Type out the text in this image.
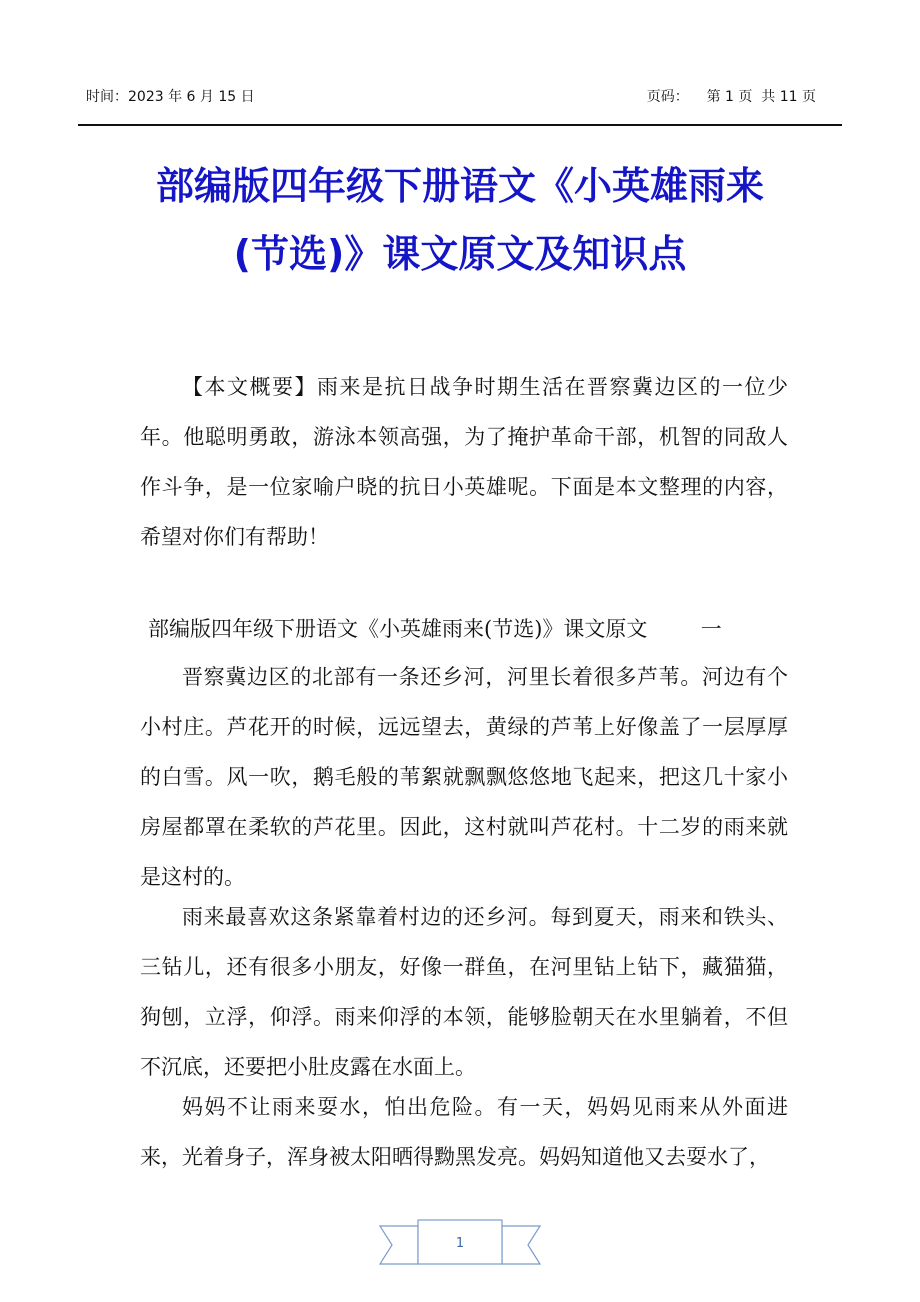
时间：2023 年 6 月 15 日	页码：    第 1 页  共 11 页
部编版四年级下册语文《小英雄雨来
(节选)》课文原文及知识点

【本文概要】雨来是抗日战争时期生活在晋察冀边区的一位少年。他聪明勇敢，游泳本领高强，为了掩护革命干部，机智的同敌人作斗争，是一位家喻户晓的抗日小英雄呢。下面是本文整理的内容，希望对你们有帮助！

部编版四年级下册语文《小英雄雨来(节选)》课文原文        一

晋察冀边区的北部有一条还乡河，河里长着很多芦苇。河边有个小村庄。芦花开的时候，远远望去，黄绿的芦苇上好像盖了一层厚厚的白雪。风一吹，鹅毛般的苇絮就飘飘悠悠地飞起来，把这几十家小房屋都罩在柔软的芦花里。因此，这村就叫芦花村。十二岁的雨来就是这村的。

雨来最喜欢这条紧靠着村边的还乡河。每到夏天，雨来和铁头、三钻儿，还有很多小朋友，好像一群鱼，在河里钻上钻下，藏猫猫，狗刨，立浮，仰浮。雨来仰浮的本领，能够脸朝天在水里躺着，不但不沉底，还要把小肚皮露在水面上。

妈妈不让雨来耍水，怕出危险。有一天，妈妈见雨来从外面进来，光着身子，浑身被太阳晒得黝黑发亮。妈妈知道他又去耍水了，

1
